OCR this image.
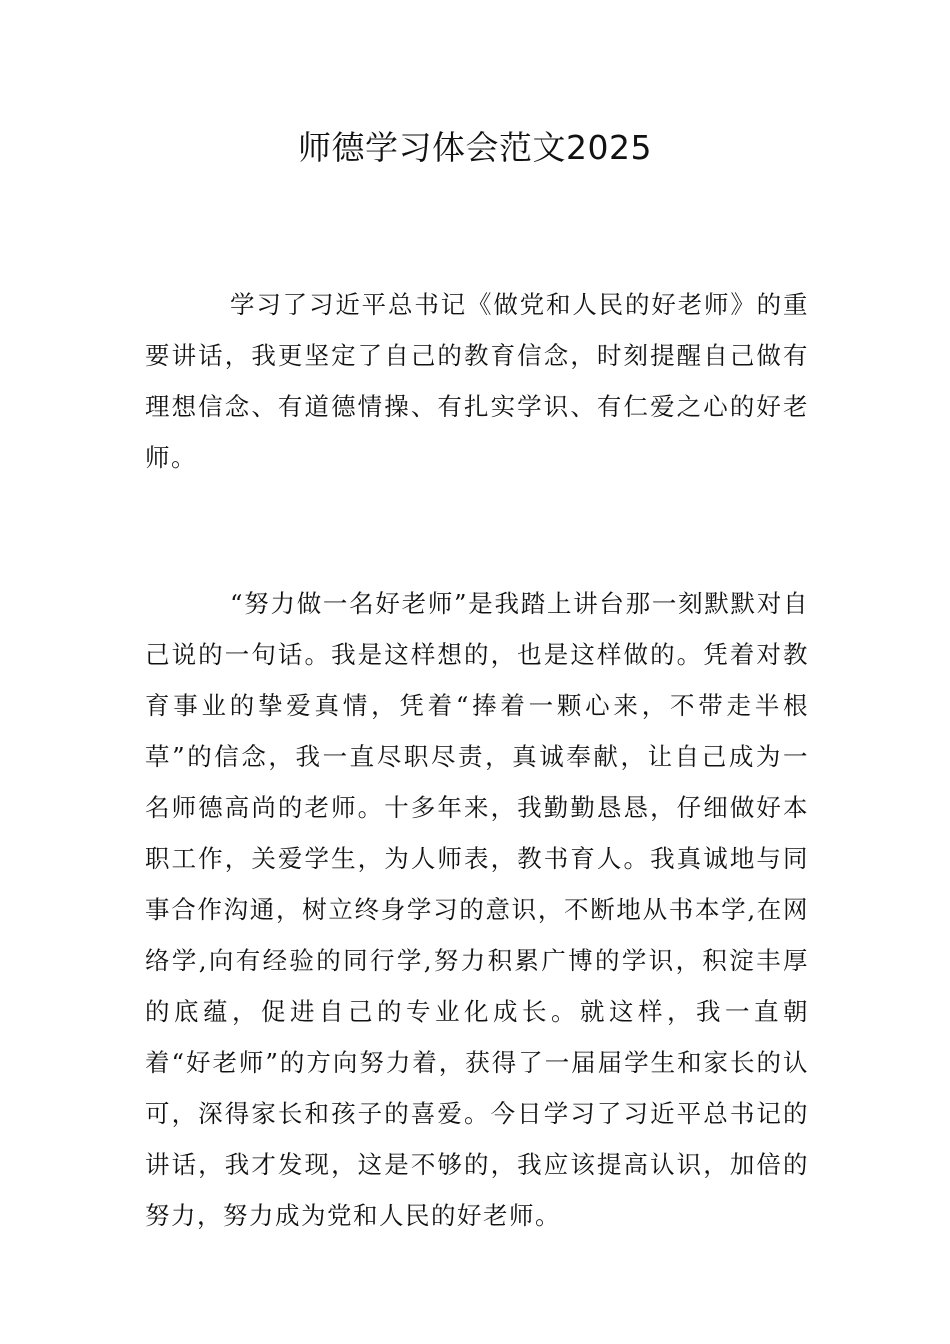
师德学习体会范文2025

学习了习近平总书记《做党和人民的好老师》的重要讲话，我更坚定了自己的教育信念，时刻提醒自己做有理想信念、有道德情操、有扎实学识、有仁爱之心的好老师。

“努力做一名好老师”是我踏上讲台那一刻默默对自己说的一句话。我是这样想的，也是这样做的。凭着对教育事业的挚爱真情，凭着“捧着一颗心来，不带走半根草”的信念，我一直尽职尽责，真诚奉献，让自己成为一名师德高尚的老师。十多年来，我勤勤恳恳，仔细做好本职工作，关爱学生，为人师表，教书育人。我真诚地与同事合作沟通，树立终身学习的意识，不断地从书本学,在网络学,向有经验的同行学,努力积累广博的学识，积淀丰厚的底蕴，促进自己的专业化成长。就这样，我一直朝着“好老师”的方向努力着，获得了一届届学生和家长的认可，深得家长和孩子的喜爱。今日学习了习近平总书记的讲话，我才发现，这是不够的，我应该提高认识，加倍的努力，努力成为党和人民的好老师。
